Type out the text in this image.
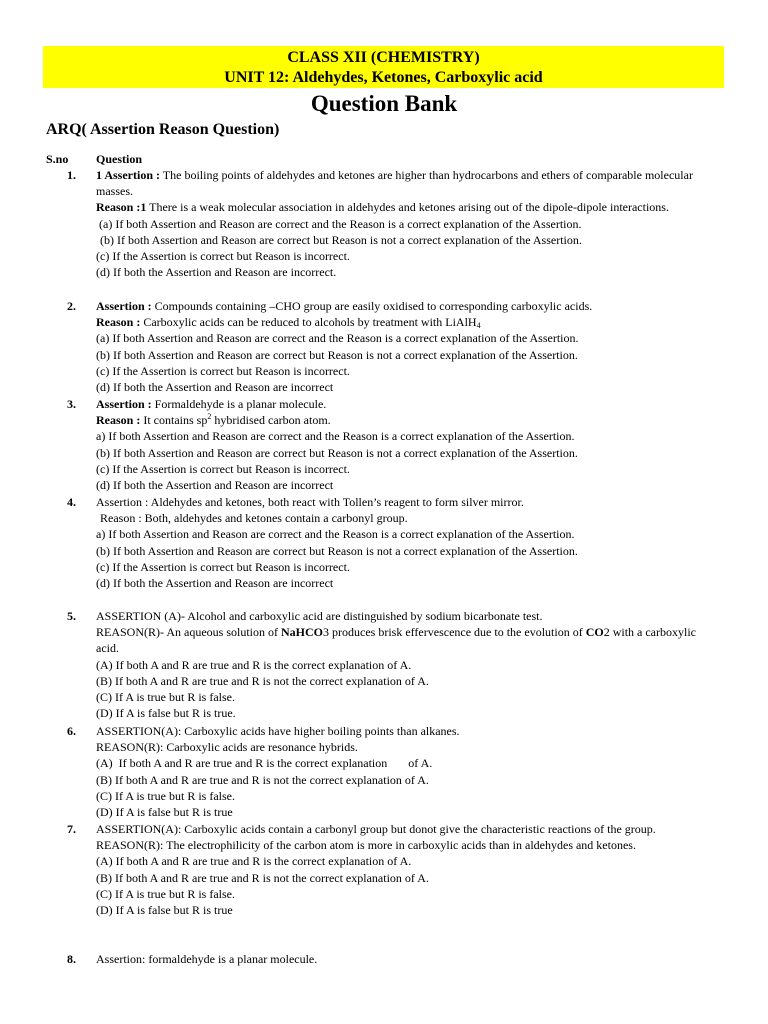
CLASS XII (CHEMISTRY)
UNIT 12: Aldehydes, Ketones, Carboxylic acid
Question Bank
ARQ( Assertion Reason Question)
S.no Question
1. 1 Assertion : The boiling points of aldehydes and ketones are higher than hydrocarbons and ethers of comparable molecular masses.
Reason :1 There is a weak molecular association in aldehydes and ketones arising out of the dipole-dipole interactions.
(a) If both Assertion and Reason are correct and the Reason is a correct explanation of the Assertion.
(b) If both Assertion and Reason are correct but Reason is not a correct explanation of the Assertion.
(c) If the Assertion is correct but Reason is incorrect.
(d) If both the Assertion and Reason are incorrect.
2. Assertion : Compounds containing –CHO group are easily oxidised to corresponding carboxylic acids.
Reason : Carboxylic acids can be reduced to alcohols by treatment with LiAlH$_4$
(a) If both Assertion and Reason are correct and the Reason is a correct explanation of the Assertion.
(b) If both Assertion and Reason are correct but Reason is not a correct explanation of the Assertion.
(c) If the Assertion is correct but Reason is incorrect.
(d) If both the Assertion and Reason are incorrect
3. Assertion : Formaldehyde is a planar molecule.
Reason : It contains $sp^2$ hybridised carbon atom.
a) If both Assertion and Reason are correct and the Reason is a correct explanation of the Assertion.
(b) If both Assertion and Reason are correct but Reason is not a correct explanation of the Assertion.
(c) If the Assertion is correct but Reason is incorrect.
(d) If both the Assertion and Reason are incorrect
4. Assertion : Aldehydes and ketones, both react with Tollen’s reagent to form silver mirror.
Reason : Both, aldehydes and ketones contain a carbonyl group.
a) If both Assertion and Reason are correct and the Reason is a correct explanation of the Assertion.
(b) If both Assertion and Reason are correct but Reason is not a correct explanation of the Assertion.
(c) If the Assertion is correct but Reason is incorrect.
(d) If both the Assertion and Reason are incorrect
5. ASSERTION (A)- Alcohol and carboxylic acid are distinguished by sodium bicarbonate test.
REASON(R)- An aqueous solution of NaHCO3 produces brisk effervescence due to the evolution of CO2 with a carboxylic acid.
(A) If both A and R are true and R is the correct explanation of A.
(B) If both A and R are true and R is not the correct explanation of A.
(C) If A is true but R is false.
(D) If A is false but R is true.
6. ASSERTION(A): Carboxylic acids have higher boiling points than alkanes.
REASON(R): Carboxylic acids are resonance hybrids.
(A)  If both A and R are true and R is the correct explanation       of A.
(B) If both A and R are true and R is not the correct explanation of A.
(C) If A is true but R is false.
(D) If A is false but R is true
7. ASSERTION(A): Carboxylic acids contain a carbonyl group but donot give the characteristic reactions of the group.
REASON(R): The electrophilicity of the carbon atom is more in carboxylic acids than in aldehydes and ketones.
(A) If both A and R are true and R is the correct explanation of A.
(B) If both A and R are true and R is not the correct explanation of A.
(C) If A is true but R is false.
(D) If A is false but R is true
8. Assertion: formaldehyde is a planar molecule.
